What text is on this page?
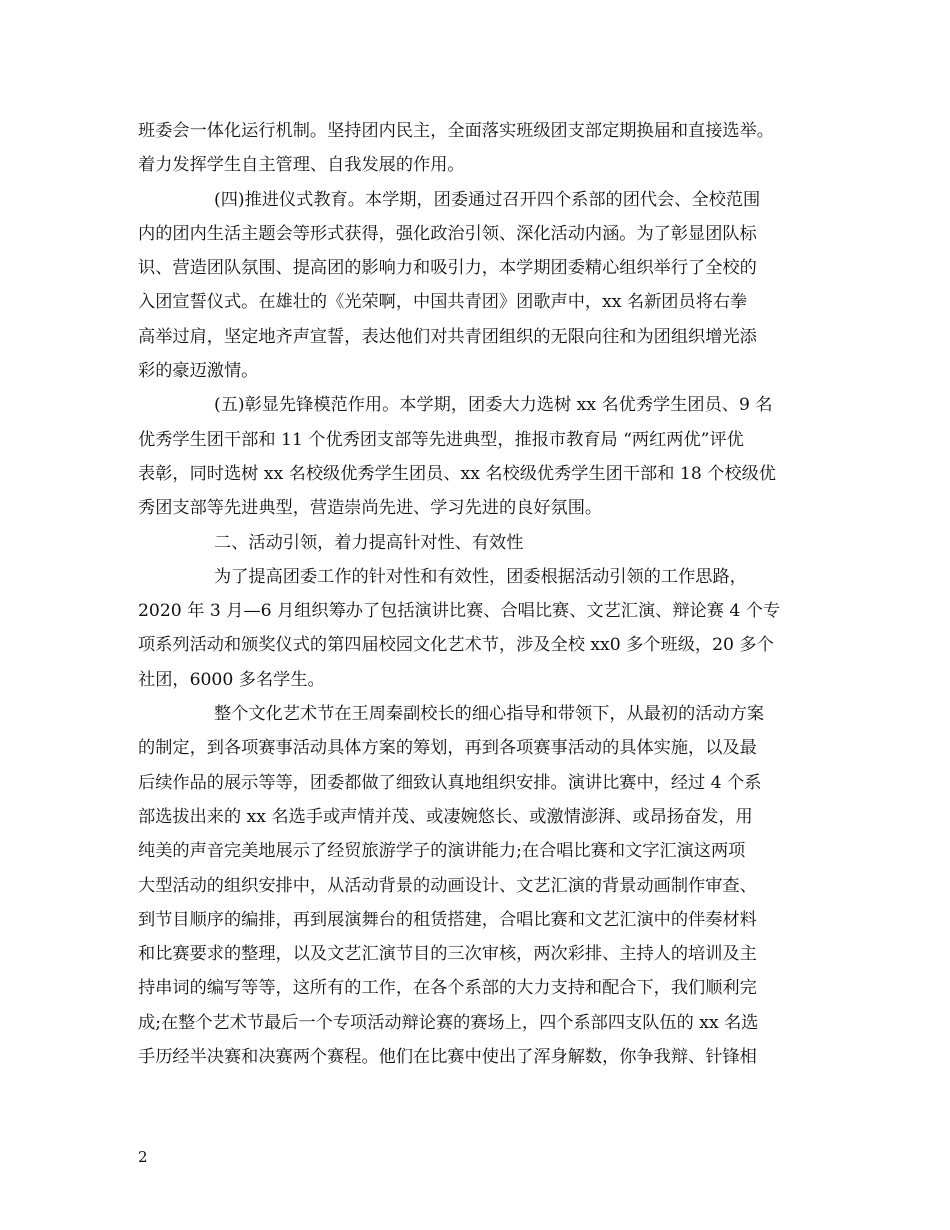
班委会一体化运行机制。坚持团内民主，全面落实班级团支部定期换届和直接选举。
着力发挥学生自主管理、自我发展的作用。

(四)推进仪式教育。本学期，团委通过召开四个系部的团代会、全校范围
内的团内生活主题会等形式获得，强化政治引领、深化活动内涵。为了彰显团队标
识、营造团队氛围、提高团的影响力和吸引力，本学期团委精心组织举行了全校的
入团宣誓仪式。在雄壮的《光荣啊，中国共青团》团歌声中，xx 名新团员将右拳
高举过肩，坚定地齐声宣誓，表达他们对共青团组织的无限向往和为团组织增光添
彩的豪迈激情。

(五)彰显先锋模范作用。本学期，团委大力选树 xx 名优秀学生团员、9 名
优秀学生团干部和 11 个优秀团支部等先进典型，推报市教育局 “两红两优”评优
表彰，同时选树 xx 名校级优秀学生团员、xx 名校级优秀学生团干部和 18 个校级优
秀团支部等先进典型，营造崇尚先进、学习先进的良好氛围。

二、活动引领，着力提高针对性、有效性

为了提高团委工作的针对性和有效性，团委根据活动引领的工作思路，
2020 年 3 月—6 月组织筹办了包括演讲比赛、合唱比赛、文艺汇演、辩论赛 4 个专
项系列活动和颁奖仪式的第四届校园文化艺术节，涉及全校 xx0 多个班级，20 多个
社团，6000 多名学生。

整个文化艺术节在王周秦副校长的细心指导和带领下，从最初的活动方案
的制定，到各项赛事活动具体方案的筹划，再到各项赛事活动的具体实施，以及最
后续作品的展示等等，团委都做了细致认真地组织安排。演讲比赛中，经过 4 个系
部选拔出来的 xx 名选手或声情并茂、或凄婉悠长、或激情澎湃、或昂扬奋发，用
纯美的声音完美地展示了经贸旅游学子的演讲能力;在合唱比赛和文字汇演这两项
大型活动的组织安排中，从活动背景的动画设计、文艺汇演的背景动画制作审查、
到节目顺序的编排，再到展演舞台的租赁搭建，合唱比赛和文艺汇演中的伴奏材料
和比赛要求的整理，以及文艺汇演节目的三次审核，两次彩排、主持人的培训及主
持串词的编写等等，这所有的工作，在各个系部的大力支持和配合下，我们顺利完
成;在整个艺术节最后一个专项活动辩论赛的赛场上，四个系部四支队伍的 xx 名选
手历经半决赛和决赛两个赛程。他们在比赛中使出了浑身解数，你争我辩、针锋相

2
